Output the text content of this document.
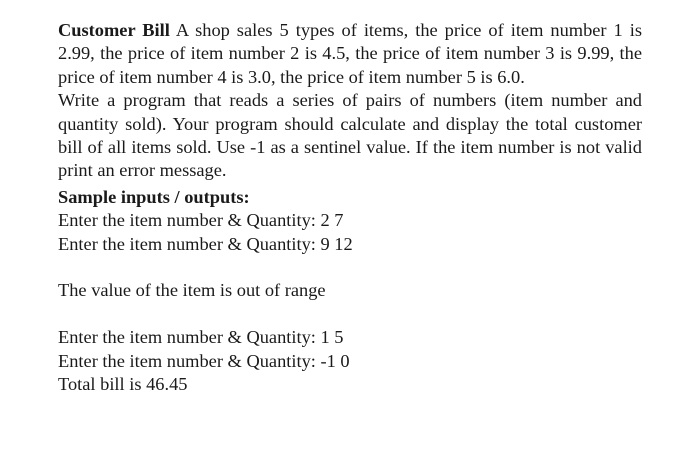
Customer Bill A shop sales 5 types of items, the price of item number 1 is 2.99, the price of item number 2 is 4.5, the price of item number 3 is 9.99, the price of item number 4 is 3.0, the price of item number 5 is 6.0.

Write a program that reads a series of pairs of numbers (item number and quantity sold). Your program should calculate and display the total customer bill of all items sold. Use -1 as a sentinel value. If the item number is not valid print an error message.

Sample inputs / outputs:

Enter the item number & Quantity: 2 7

Enter the item number & Quantity: 9 12

The value of the item is out of range

Enter the item number & Quantity: 1 5

Enter the item number & Quantity: -1 0

Total bill is 46.45
